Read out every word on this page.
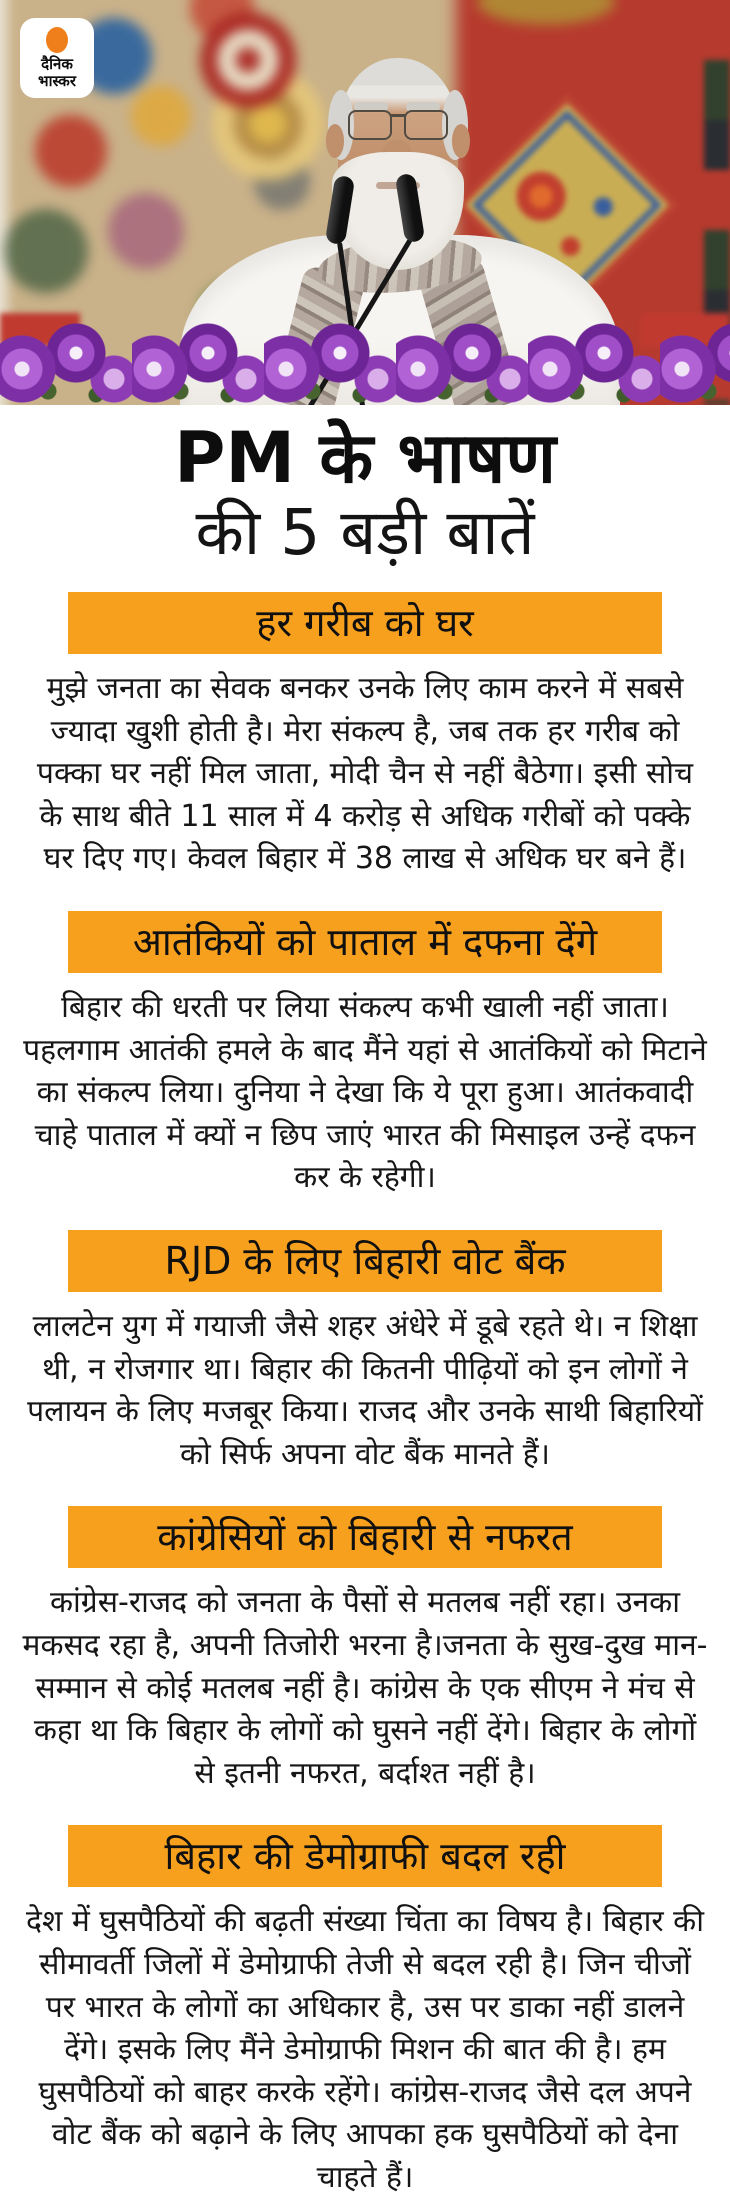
दैनिक
भास्कर
PM के भाषण
की 5 बड़ी बातें
हर गरीब को घर

मुझे जनता का सेवक बनकर उनके लिए काम करने में सबसे ज्यादा खुशी होती है। मेरा संकल्प है, जब तक हर गरीब को पक्का घर नहीं मिल जाता, मोदी चैन से नहीं बैठेगा। इसी सोच के साथ बीते 11 साल में 4 करोड़ से अधिक गरीबों को पक्के घर दिए गए। केवल बिहार में 38 लाख से अधिक घर बने हैं।

आतंकियों को पाताल में दफना देंगे

बिहार की धरती पर लिया संकल्प कभी खाली नहीं जाता। पहलगाम आतंकी हमले के बाद मैंने यहां से आतंकियों को मिटाने का संकल्प लिया। दुनिया ने देखा कि ये पूरा हुआ। आतंकवादी चाहे पाताल में क्यों न छिप जाएं भारत की मिसाइल उन्हें दफन कर के रहेगी।

RJD के लिए बिहारी वोट बैंक

लालटेन युग में गयाजी जैसे शहर अंधेरे में डूबे रहते थे। न शिक्षा थी, न रोजगार था। बिहार की कितनी पीढ़ियों को इन लोगों ने पलायन के लिए मजबूर किया। राजद और उनके साथी बिहारियों को सिर्फ अपना वोट बैंक मानते हैं।

कांग्रेसियों को बिहारी से नफरत

कांग्रेस-राजद को जनता के पैसों से मतलब नहीं रहा। उनका मकसद रहा है, अपनी तिजोरी भरना है।जनता के सुख-दुख मान-सम्मान से कोई मतलब नहीं है। कांग्रेस के एक सीएम ने मंच से कहा था कि बिहार के लोगों को घुसने नहीं देंगे। बिहार के लोगों से इतनी नफरत, बर्दाश्त नहीं है।

बिहार की डेमोग्राफी बदल रही

देश में घुसपैठियों की बढ़ती संख्या चिंता का विषय है। बिहार की सीमावर्ती जिलों में डेमोग्राफी तेजी से बदल रही है। जिन चीजों पर भारत के लोगों का अधिकार है, उस पर डाका नहीं डालने देंगे। इसके लिए मैंने डेमोग्राफी मिशन की बात की है। हम घुसपैठियों को बाहर करके रहेंगे। कांग्रेस-राजद जैसे दल अपने वोट बैंक को बढ़ाने के लिए आपका हक घुसपैठियों को देना चाहते हैं।
